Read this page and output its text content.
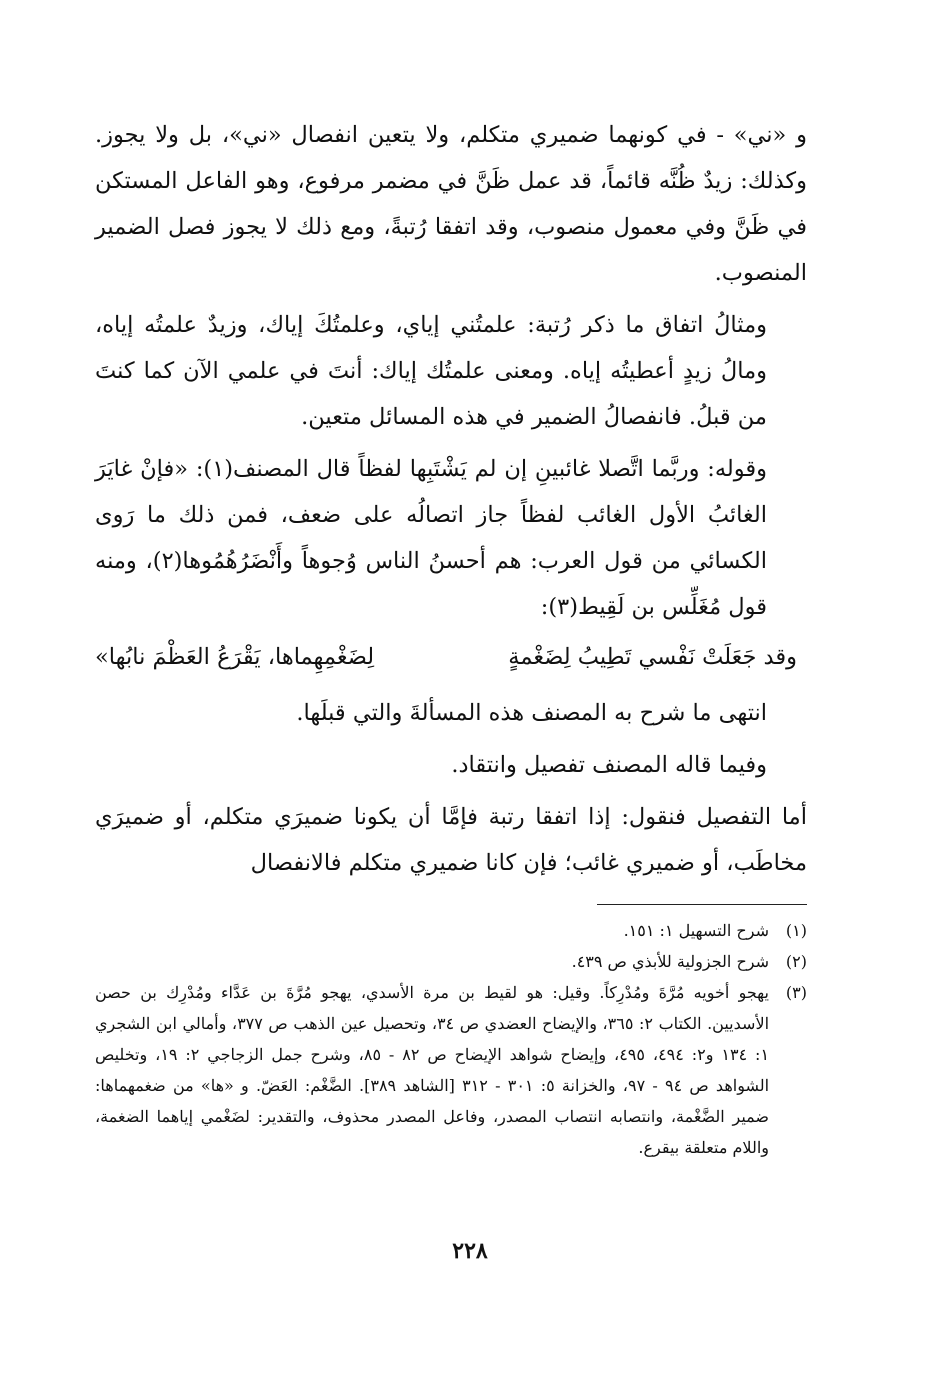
و «ني» - في كونهما ضميري متكلم، ولا يتعين انفصال «ني»، بل ولا يجوز. وكذلك: زيدٌ ظُنَّه قائماً، قد عمل ظَنَّ في مضمر مرفوع، وهو الفاعل المستكن في ظَنَّ وفي معمول منصوب، وقد اتفقا رُتبةً، ومع ذلك لا يجوز فصل الضمير المنصوب.

ومثالُ اتفاق ما ذكر رُتبة: علمتُني إياي، وعلمتُكَ إياك، وزيدٌ علمتُه إياه، ومالُ زيدٍ أعطيتُه إياه. ومعنى علمتُك إياك: أنتَ في علمي الآن كما كنتَ من قبلُ. فانفصالُ الضمير في هذه المسائل متعين.

وقوله: وربَّما اتَّصلا غائبينِ إن لم يَشْتَبِها لفظاً قال المصنف(١): «فإنْ غايَرَ الغائبُ الأول الغائب لفظاً جاز اتصالُه على ضعف، فمن ذلك ما رَوى الكسائي من قول العرب: هم أحسنُ الناس وُجوهاً وأَنْضَرُهُمُوها(٢)، ومنه قول مُغَلِّس بن لَقِيط(٣):

وقد جَعَلَتْ نَفْسي تَطِيبُ لِضَغْمةٍ
لِضَغْمِهِماها، يَقْرَعُ العَظْمَ نابُها»

انتهى ما شرح به المصنف هذه المسألةَ والتي قبلَها.

وفيما قاله المصنف تفصيل وانتقاد.

أما التفصيل فنقول: إذا اتفقا رتبة فإمَّا أن يكونا ضميرَي متكلم، أو ضميرَي مخاطَب، أو ضميري غائب؛ فإن كانا ضميري متكلم فالانفصال

(١)
شرح التسهيل ١: ١٥١.
(٢)
شرح الجزولية للأبذي ص ٤٣٩.
(٣)
يهجو أخويه مُرَّةَ ومُدْرِكاً. وقيل: هو لقيط بن مرة الأسدي، يهجو مُرَّةَ بن عَدَّاء ومُدْرِك بن حصن الأسديين. الكتاب ٢: ٣٦٥، والإيضاح العضدي ص ٣٤، وتحصيل عين الذهب ص ٣٧٧، وأمالي ابن الشجري ١: ١٣٤ و٢: ٤٩٤، ٤٩٥، وإيضاح شواهد الإيضاح ص ٨٢ - ٨٥، وشرح جمل الزجاجي ٢: ١٩، وتخليص الشواهد ص ٩٤ - ٩٧، والخزانة ٥: ٣٠١ - ٣١٢ [الشاهد ٣٨٩]. الضَّغْم: العَضّ. و «ها» من ضغمهماها: ضمير الضَّغْمة، وانتصابه انتصاب المصدر، وفاعل المصدر محذوف، والتقدير: لضَغْمي إياهما الضغمة، واللام متعلقة بيقرع.
٢٢٨
